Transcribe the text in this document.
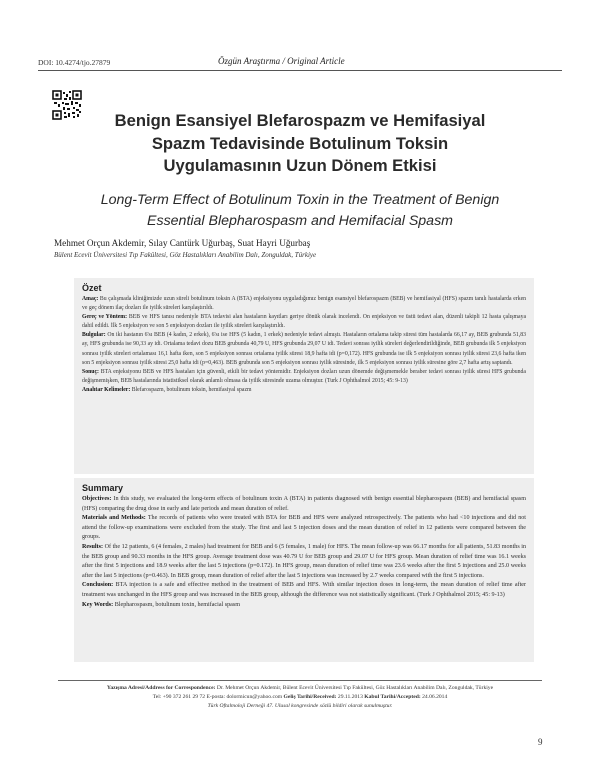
DOI: 10.4274/tjo.27879	Özgün Araştırma / Original Article
Benign Esansiyel Blefarospazm ve Hemifasiyal
Spazm Tedavisinde Botulinum Toksin
Uygulamasının Uzun Dönem Etkisi
Long-Term Effect of Botulinum Toxin in the Treatment of Benign
Essential Blepharospasm and Hemifacial Spasm
Mehmet Orçun Akdemir, Sılay Cantürk Uğurbaş, Suat Hayri Uğurbaş
Bülent Ecevit Üniversitesi Tıp Fakültesi, Göz Hastalıkları Anabilim Dalı, Zonguldak, Türkiye
Özet
Amaç: Bu çalışmada kliniğimizde uzun süreli botulinum toksin A (BTA) enjeksiyonu uyguladığımız benign esansiyel blefarospazm (BEB) ve hemifasiyal (HFS) spazm tanılı hastalarda erken ve geç dönem ilaç dozları ile iyilik süreleri karşılaştırıldı.
Gereç ve Yöntem: BEB ve HFS tanısı nedeniyle BTA tedavisi alan hastaların kayıtları geriye dönük olarak incelendi. On enjeksiyon ve üstü tedavi alan, düzenli takipli 12 hasta çalışmaya dahil edildi. İlk 5 enjeksiyon ve son 5 enjeksiyon dozları ile iyilik süreleri karşılaştırıldı.
Bulgular: On iki hastanın 6'sı BEB (4 kadın, 2 erkek), 6'sı ise HFS (5 kadın, 1 erkek) nedeniyle tedavi almıştı. Hastaların ortalama takip süresi tüm hastalarda 66,17 ay, BEB grubunda 51,83 ay, HFS grubunda ise 90,33 ay idi. Ortalama tedavi dozu BEB grubunda 40,79 U, HFS grubunda 29,07 U idi. Tedavi sonrası iyilik süreleri değerlendirildiğinde, BEB grubunda ilk 5 enjeksiyon sonrası iyilik süreleri ortalaması 16,1 hafta iken, son 5 enjeksiyon sonrası ortalama iyilik süresi 18,9 hafta idi (p=0,172). HFS grubunda ise ilk 5 enjeksiyon sonrası iyilik süresi 23,6 hafta iken son 5 enjeksiyon sonrası iyilik süresi 25,0 hafta idi (p=0,463). BEB grubunda son 5 enjeksiyon sonrası iyilik süresinde, ilk 5 enjeksiyon sonrası iyilik süresine göre 2,7 hafta artış saptandı.
Sonuç: BTA enjeksiyonu BEB ve HFS hastaları için güvenli, etkili bir tedavi yöntemidir. Enjeksiyon dozları uzun dönemde değişmemekle beraber tedavi sonrası iyilik süresi HFS grubunda değişmemişken, BEB hastalarında istatistiksel olarak anlamlı olmasa da iyilik süresinde uzama olmuştur. (Turk J Ophthalmol 2015; 45: 9-13)
Anahtar Kelimeler: Blefarospazm, botulinum toksin, hemifasiyal spazm
Summary
Objectives: In this study, we evaluated the long-term effects of botulinum toxin A (BTA) in patients diagnosed with benign essential blepharospasm (BEB) and hemifacial spasm (HFS) comparing the drug dose in early and late periods and mean duration of relief.
Materials and Methods: The records of patients who were treated with BTA for BEB and HFS were analyzed retrospectively. The patients who had <10 injections and did not attend the follow-up examinations were excluded from the study. The first and last 5 injection doses and the mean duration of relief in 12 patients were compared between the groups.
Results: Of the 12 patients, 6 (4 females, 2 males) had treatment for BEB and 6 (5 females, 1 male) for HFS. The mean follow-up was 66.17 months for all patients, 51.83 months in the BEB group and 90.33 months in the HFS group. Average treatment dose was 40.79 U for BEB group and 29.07 U for HFS group. Mean duration of relief time was 16.1 weeks after the first 5 injections and 18.9 weeks after the last 5 injections (p=0.172). In HFS group, mean duration of relief time was 23.6 weeks after the first 5 injections and 25.0 weeks after the last 5 injections (p=0.463). In BEB group, mean duration of relief after the last 5 injections was increased by 2.7 weeks compared with the first 5 injections.
Conclusion: BTA injection is a safe and effective method in the treatment of BEB and HFS. With similar injection doses in long-term, the mean duration of relief time after treatment was unchanged in the HFS group and was increased in the BEB group, although the difference was not statistically significant. (Turk J Ophthalmol 2015; 45: 9-13)
Key Words: Blepharospasm, botulinum toxin, hemifacial spasm
Yazışma Adresi/Address for Correspondence: Dr. Mehmet Orçun Akdemir, Bülent Ecevit Üniversitesi Tıp Fakültesi, Göz Hastalıkları Anabilim Dalı, Zonguldak, Türkiye
Tel: +90 372 261 29 72 E-posta: dolormicun@yahoo.com Geliş Tarihi/Received: 29.11.2013 Kabul Tarihi/Accepted: 24.06.2014
Türk Oftalmoloji Derneği 47. Ulusal kongresinde sözlü bildiri olarak sunulmuştur.
9
